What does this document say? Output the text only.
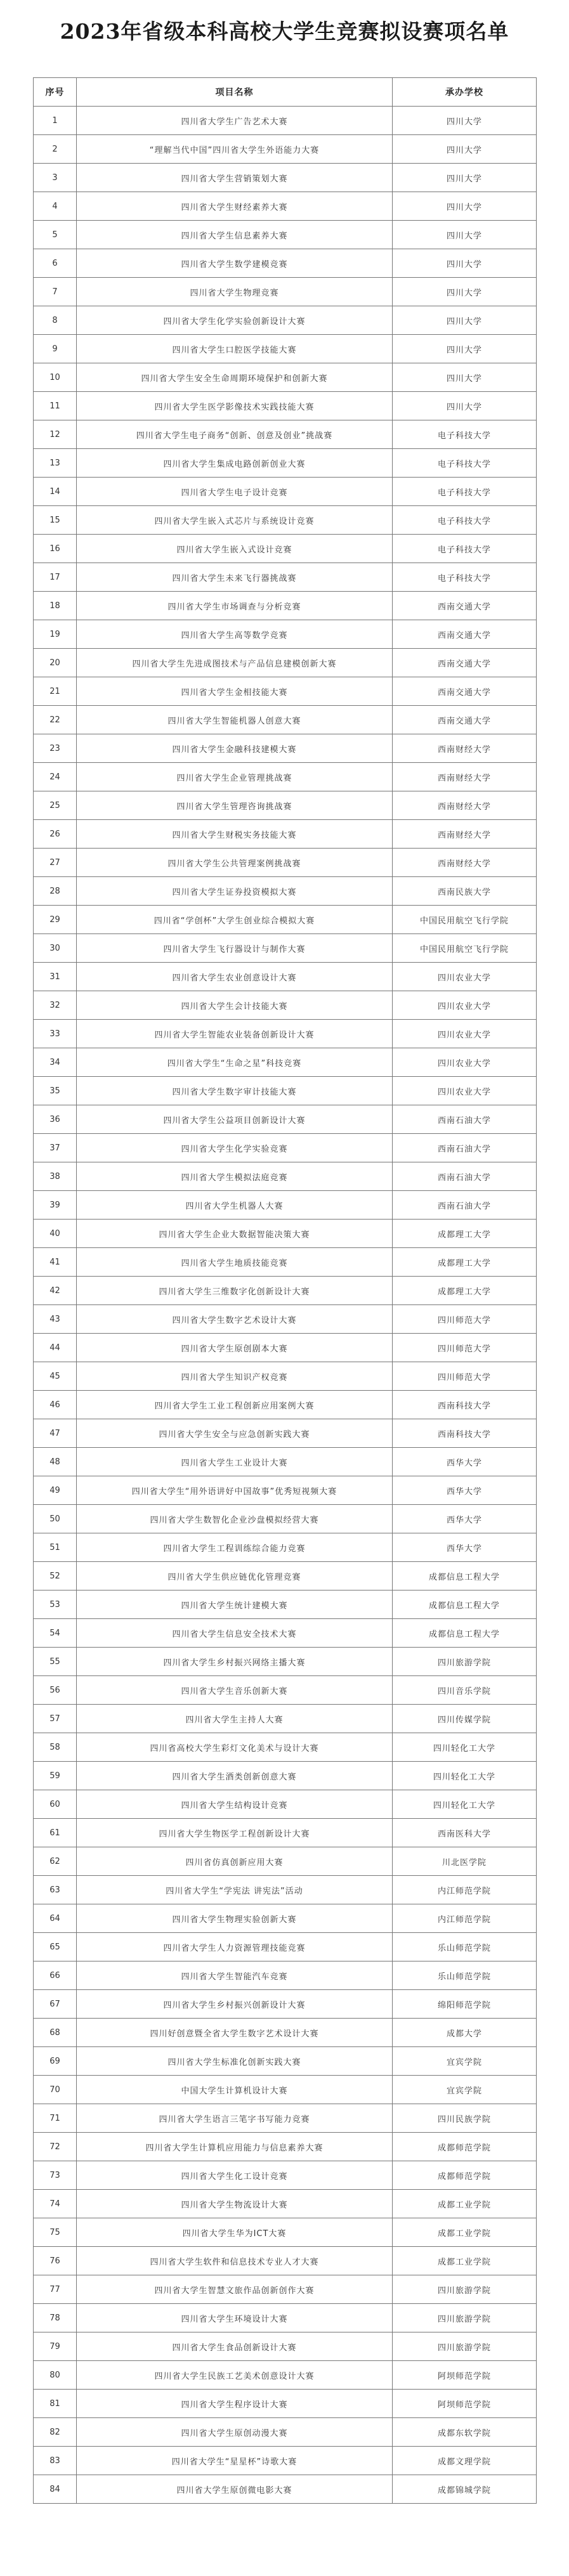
2023年省级本科高校大学生竞赛拟设赛项名单
序号	项目名称	承办学校
1	四川省大学生广告艺术大赛	四川大学
2	“理解当代中国”四川省大学生外语能力大赛	四川大学
3	四川省大学生营销策划大赛	四川大学
4	四川省大学生财经素养大赛	四川大学
5	四川省大学生信息素养大赛	四川大学
6	四川省大学生数学建模竞赛	四川大学
7	四川省大学生物理竞赛	四川大学
8	四川省大学生化学实验创新设计大赛	四川大学
9	四川省大学生口腔医学技能大赛	四川大学
10	四川省大学生安全生命周期环境保护和创新大赛	四川大学
11	四川省大学生医学影像技术实践技能大赛	四川大学
12	四川省大学生电子商务“创新、创意及创业”挑战赛	电子科技大学
13	四川省大学生集成电路创新创业大赛	电子科技大学
14	四川省大学生电子设计竞赛	电子科技大学
15	四川省大学生嵌入式芯片与系统设计竞赛	电子科技大学
16	四川省大学生嵌入式设计竞赛	电子科技大学
17	四川省大学生未来飞行器挑战赛	电子科技大学
18	四川省大学生市场调查与分析竞赛	西南交通大学
19	四川省大学生高等数学竞赛	西南交通大学
20	四川省大学生先进成图技术与产品信息建模创新大赛	西南交通大学
21	四川省大学生金相技能大赛	西南交通大学
22	四川省大学生智能机器人创意大赛	西南交通大学
23	四川省大学生金融科技建模大赛	西南财经大学
24	四川省大学生企业管理挑战赛	西南财经大学
25	四川省大学生管理咨询挑战赛	西南财经大学
26	四川省大学生财税实务技能大赛	西南财经大学
27	四川省大学生公共管理案例挑战赛	西南财经大学
28	四川省大学生证券投资模拟大赛	西南民族大学
29	四川省“学创杯”大学生创业综合模拟大赛	中国民用航空飞行学院
30	四川省大学生飞行器设计与制作大赛	中国民用航空飞行学院
31	四川省大学生农业创意设计大赛	四川农业大学
32	四川省大学生会计技能大赛	四川农业大学
33	四川省大学生智能农业装备创新设计大赛	四川农业大学
34	四川省大学生“生命之星”科技竞赛	四川农业大学
35	四川省大学生数字审计技能大赛	四川农业大学
36	四川省大学生公益项目创新设计大赛	西南石油大学
37	四川省大学生化学实验竞赛	西南石油大学
38	四川省大学生模拟法庭竞赛	西南石油大学
39	四川省大学生机器人大赛	西南石油大学
40	四川省大学生企业大数据智能决策大赛	成都理工大学
41	四川省大学生地质技能竞赛	成都理工大学
42	四川省大学生三维数字化创新设计大赛	成都理工大学
43	四川省大学生数字艺术设计大赛	四川师范大学
44	四川省大学生原创剧本大赛	四川师范大学
45	四川省大学生知识产权竞赛	四川师范大学
46	四川省大学生工业工程创新应用案例大赛	西南科技大学
47	四川省大学生安全与应急创新实践大赛	西南科技大学
48	四川省大学生工业设计大赛	西华大学
49	四川省大学生“用外语讲好中国故事”优秀短视频大赛	西华大学
50	四川省大学生数智化企业沙盘模拟经营大赛	西华大学
51	四川省大学生工程训练综合能力竞赛	西华大学
52	四川省大学生供应链优化管理竞赛	成都信息工程大学
53	四川省大学生统计建模大赛	成都信息工程大学
54	四川省大学生信息安全技术大赛	成都信息工程大学
55	四川省大学生乡村振兴网络主播大赛	四川旅游学院
56	四川省大学生音乐创新大赛	四川音乐学院
57	四川省大学生主持人大赛	四川传媒学院
58	四川省高校大学生彩灯文化美术与设计大赛	四川轻化工大学
59	四川省大学生酒类创新创意大赛	四川轻化工大学
60	四川省大学生结构设计竞赛	四川轻化工大学
61	四川省大学生物医学工程创新设计大赛	西南医科大学
62	四川省仿真创新应用大赛	川北医学院
63	四川省大学生“学宪法 讲宪法”活动	内江师范学院
64	四川省大学生物理实验创新大赛	内江师范学院
65	四川省大学生人力资源管理技能竞赛	乐山师范学院
66	四川省大学生智能汽车竞赛	乐山师范学院
67	四川省大学生乡村振兴创新设计大赛	绵阳师范学院
68	四川好创意暨全省大学生数字艺术设计大赛	成都大学
69	四川省大学生标准化创新实践大赛	宜宾学院
70	中国大学生计算机设计大赛	宜宾学院
71	四川省大学生语言三笔字书写能力竞赛	四川民族学院
72	四川省大学生计算机应用能力与信息素养大赛	成都师范学院
73	四川省大学生化工设计竞赛	成都师范学院
74	四川省大学生物流设计大赛	成都工业学院
75	四川省大学生华为ICT大赛	成都工业学院
76	四川省大学生软件和信息技术专业人才大赛	成都工业学院
77	四川省大学生智慧文旅作品创新创作大赛	四川旅游学院
78	四川省大学生环境设计大赛	四川旅游学院
79	四川省大学生食品创新设计大赛	四川旅游学院
80	四川省大学生民族工艺美术创意设计大赛	阿坝师范学院
81	四川省大学生程序设计大赛	阿坝师范学院
82	四川省大学生原创动漫大赛	成都东软学院
83	四川省大学生“星星杯”诗歌大赛	成都文理学院
84	四川省大学生原创微电影大赛	成都锦城学院
